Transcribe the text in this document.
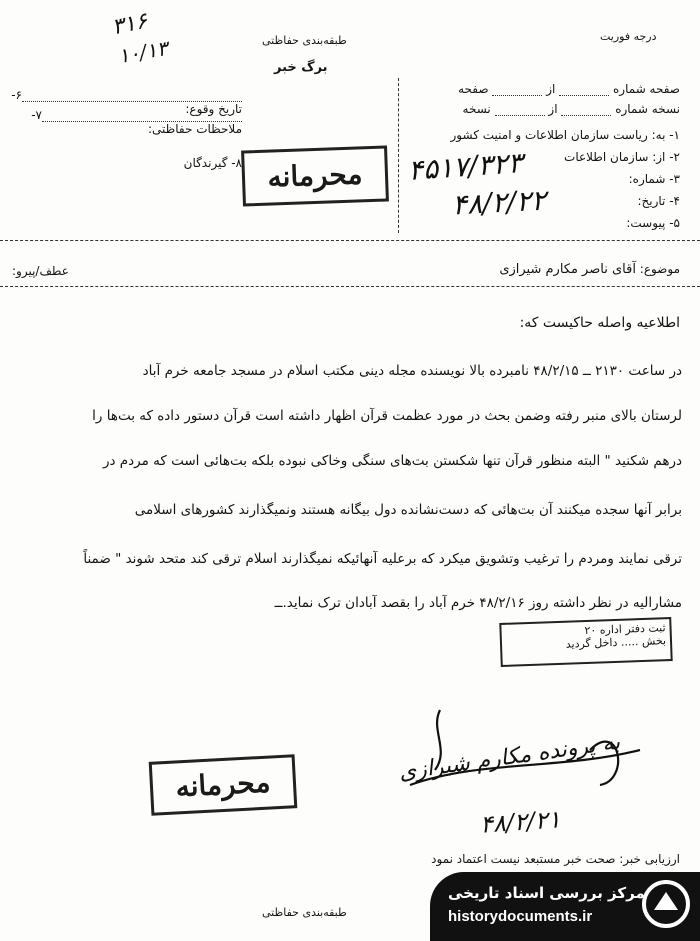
درجه فوریت
طبقه‌بندی حفاظتی
برگ خبر
۳۱۶
۱۰/۱۳
صفحه شماره  از  صفحه
نسخه شماره  از  نسخه
۱- به: ریاست سازمان اطلاعات و امنیت کشور
۲- از: سازمان اطلاعات
۳- شماره:
۴- تاریخ:
۵- پیوست:
۴۵۱۷/۳۲۳
۴۸/۲/۲۲
۶- تاریخ وقوع:
۷- ملاحظات حفاظتی:
۸- گیرندگان محرمانه
موضوع: آقای ناصر مکارم شیرازی
عطف/پیرو:
اطلاعیه واصله حاکیست که:
در ساعت ۲۱۳۰ ــ ۴۸/۲/۱۵ نامبرده بالا نویسنده مجله دینی مکتب اسلام در مسجد جامعه خرم آباد
لرستان بالای منبر رفته وضمن بحث در مورد عظمت قرآن اظهار داشته است قرآن دستور داده که بت‌ها را
درهم شکنید " البته منظور قرآن تنها شکستن بت‌های سنگی وخاکی نبوده بلکه بت‌هائی است که مردم در
برابر آنها سجده میکنند آن بت‌هائی که دست‌نشانده دول بیگانه هستند ونمیگذارند کشورهای اسلامی
ترقی نمایند ومردم را ترغیب وتشویق میکرد که برعلیه آنهائیکه نمیگذارند اسلام ترقی کند متحد شوند " ضمناً
مشارالیه در نظر داشته روز ۴۸/۲/۱۶ خرم آباد را بقصد آبادان ترک نماید.ــ
ثبت دفتر اداره ۲۰
بخش ..... داخل گردید
به پرونده مکارم شیرازی
۴۸/۲/۲۱
محرمانه
ارزیابی خبر: صحت خبر مستبعد نیست اعتماد نمود
طبقه‌بندی حفاظتی
مرکز بررسی اسناد تاریخی
historydocuments.ir
